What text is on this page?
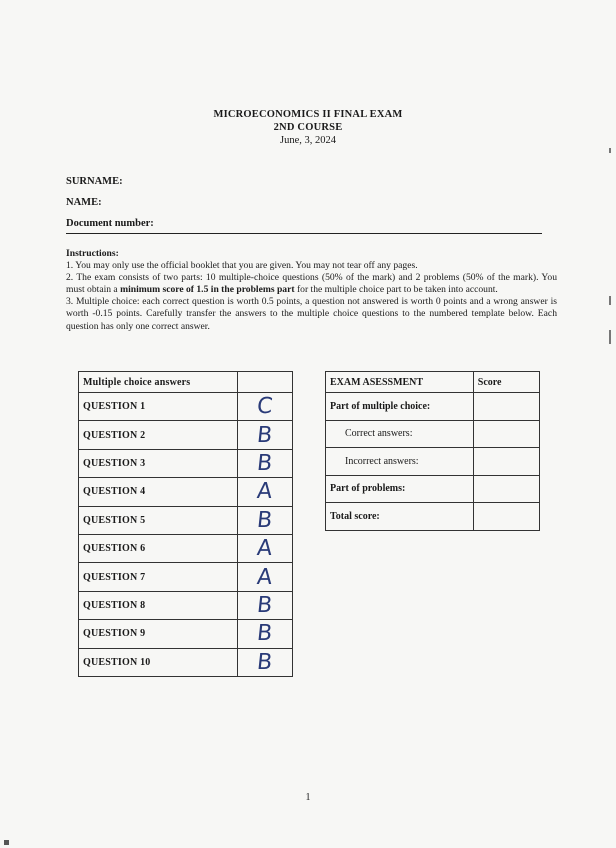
MICROECONOMICS II FINAL EXAM
2ND COURSE
June, 3, 2024
SURNAME:
NAME:
Document number:
Instructions:

1. You may only use the official booklet that you are given. You may not tear off any pages.

2. The exam consists of two parts: 10 multiple-choice questions (50% of the mark) and 2 problems (50% of the mark). You must obtain a minimum score of 1.5 in the problems part for the multiple choice part to be taken into account.

3. Multiple choice: each correct question is worth 0.5 points, a question not answered is worth 0 points and a wrong answer is worth -0.15 points. Carefully transfer the answers to the multiple choice questions to the numbered template below. Each question has only one correct answer.

Multiple choice answers	
QUESTION 1	C
QUESTION 2	B
QUESTION 3	B
QUESTION 4	A
QUESTION 5	B
QUESTION 6	A
QUESTION 7	A
QUESTION 8	B
QUESTION 9	B
QUESTION 10	B
EXAM ASESSMENT	Score
Part of multiple choice:	
Correct answers:	
Incorrect answers:	
Part of problems:	
Total score:	
1
